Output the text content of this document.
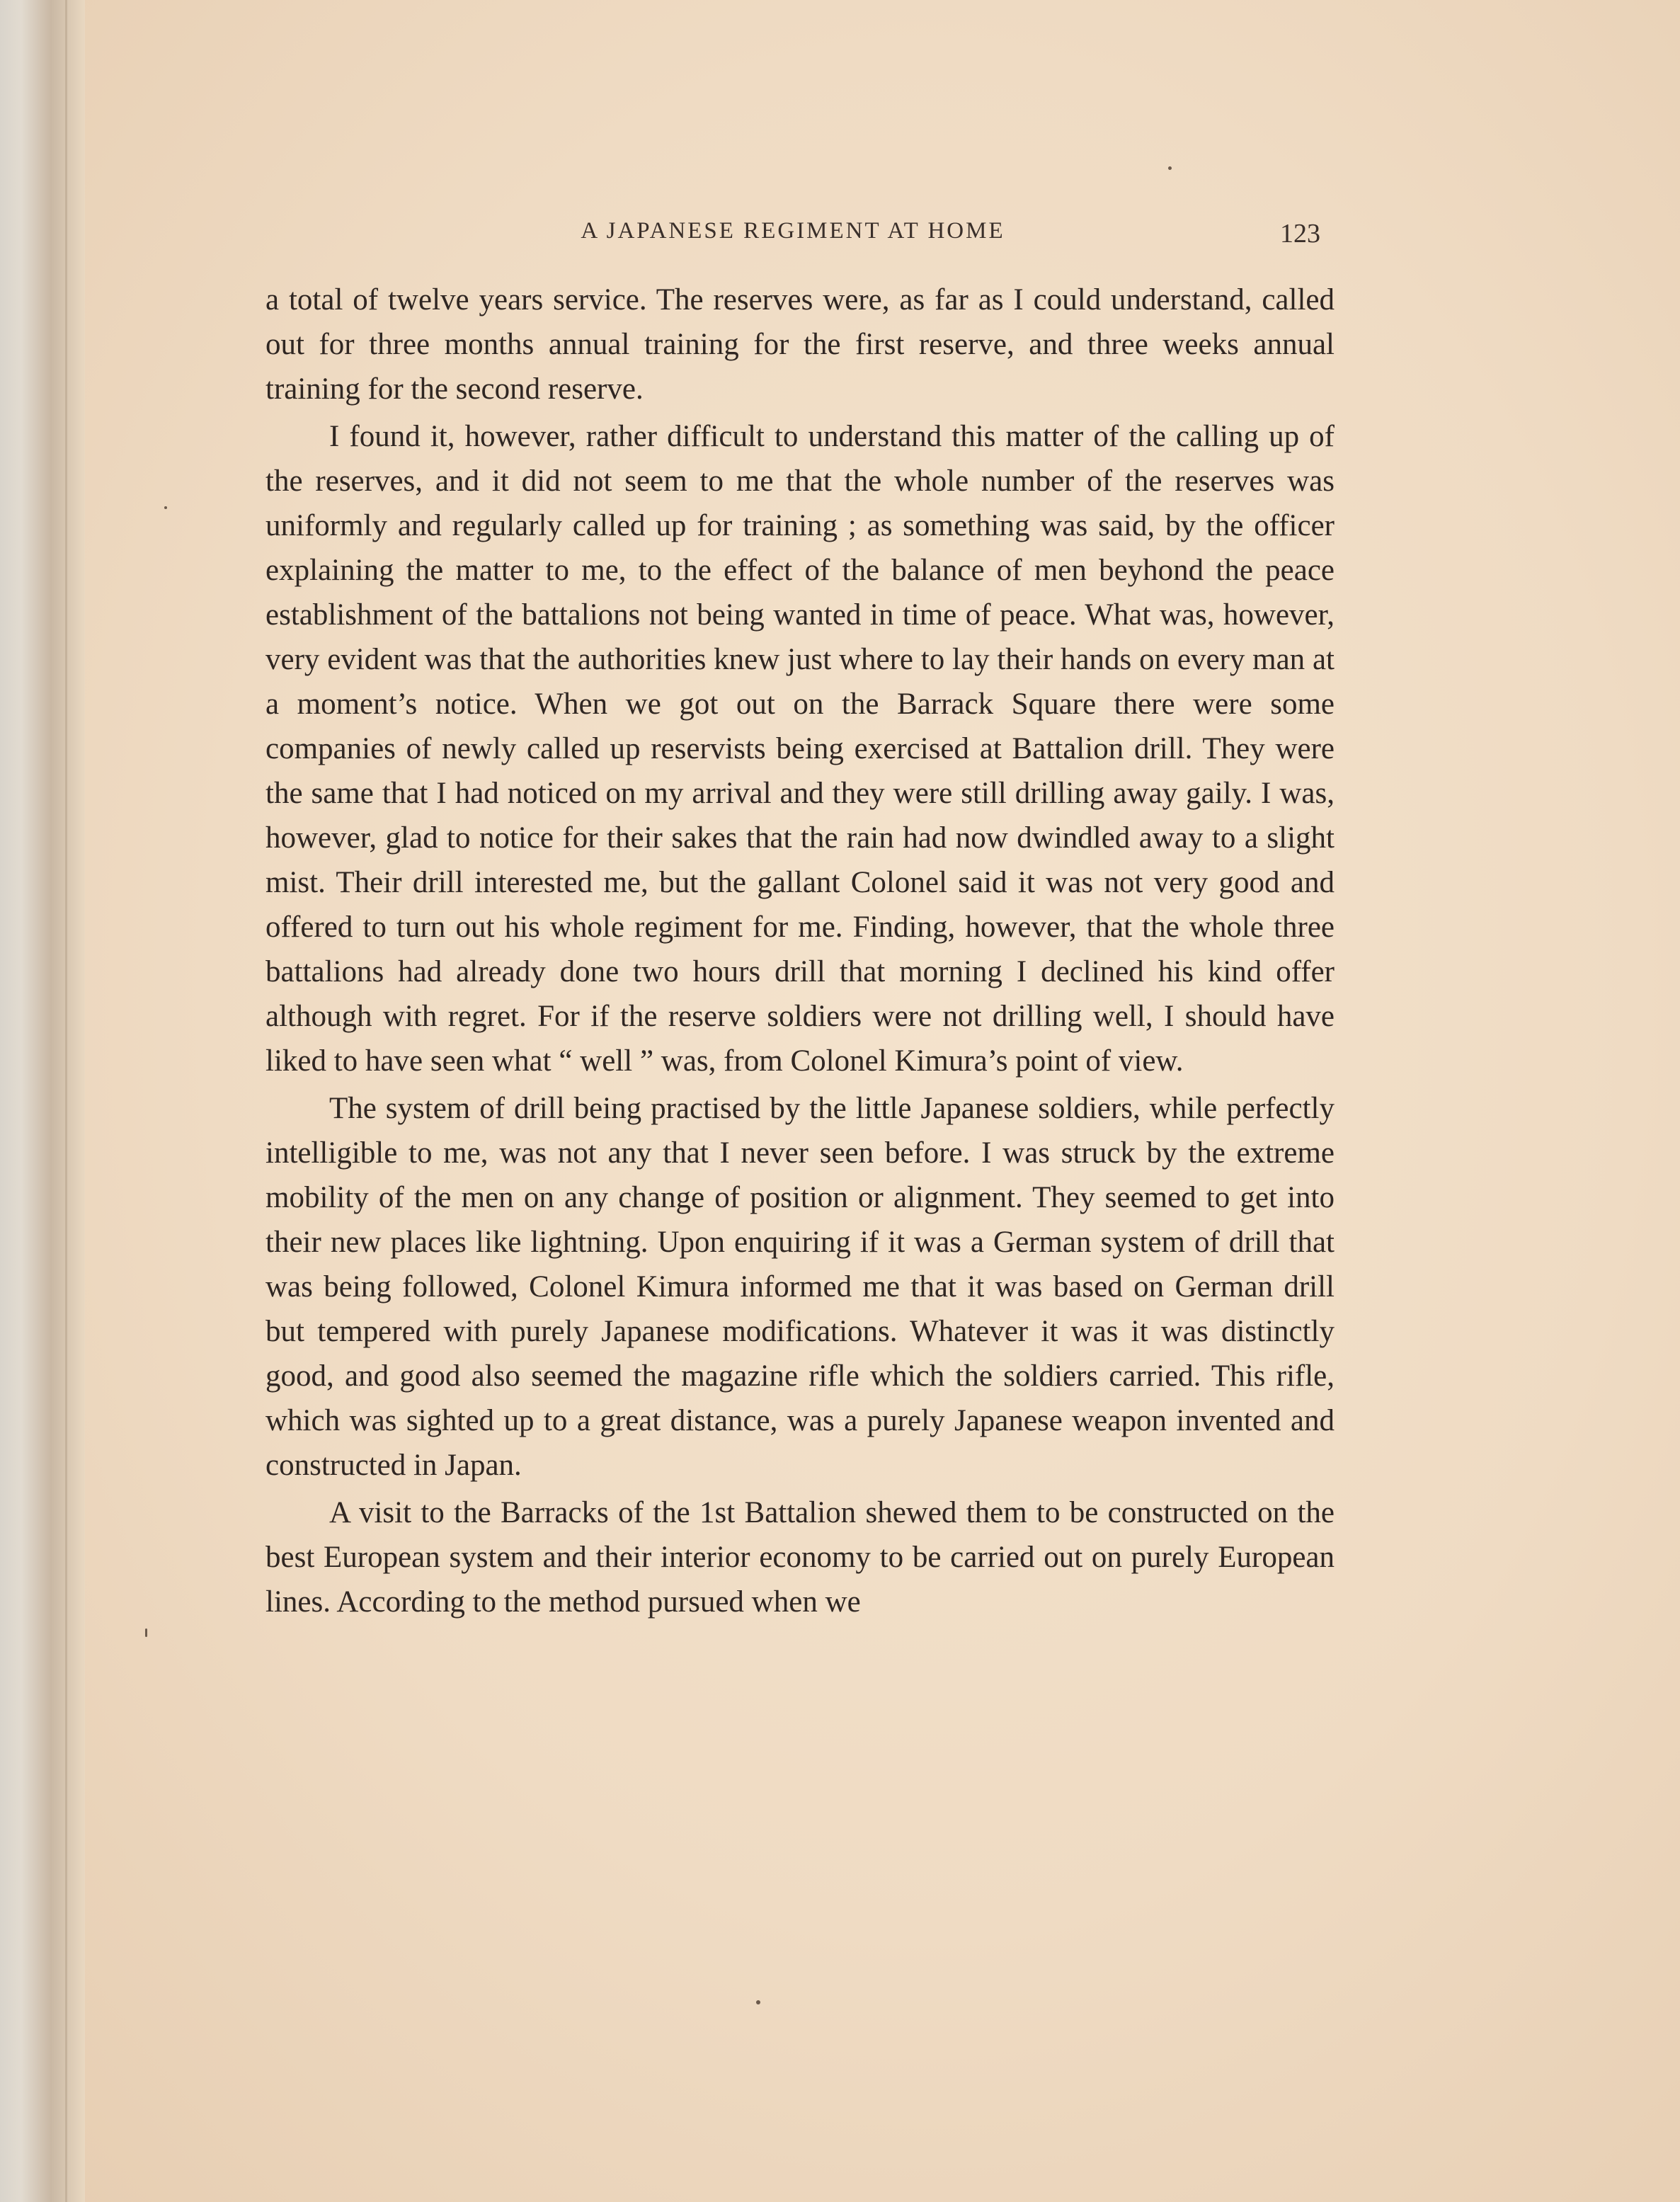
A JAPANESE REGIMENT AT HOME	123

a total of twelve years service. The reserves were, as far as I could understand, called out for three months annual training for the first reserve, and three weeks annual training for the second reserve.

I found it, however, rather difficult to understand this matter of the calling up of the reserves, and it did not seem to me that the whole number of the reserves was uniformly and regularly called up for training ; as something was said, by the officer explaining the matter to me, to the effect of the balance of men beyhond the peace establishment of the battalions not being wanted in time of peace. What was, however, very evident was that the authorities knew just where to lay their hands on every man at a moment’s notice. When we got out on the Barrack Square there were some companies of newly called up reservists being exercised at Battalion drill. They were the same that I had noticed on my arrival and they were still drilling away gaily. I was, however, glad to notice for their sakes that the rain had now dwindled away to a slight mist. Their drill interested me, but the gallant Colonel said it was not very good and offered to turn out his whole regiment for me. Finding, however, that the whole three battalions had already done two hours drill that morning I declined his kind offer although with regret. For if the reserve soldiers were not drilling well, I should have liked to have seen what “ well ” was, from Colonel Kimura’s point of view.

The system of drill being practised by the little Japanese soldiers, while perfectly intelligible to me, was not any that I never seen before. I was struck by the extreme mobility of the men on any change of position or alignment. They seemed to get into their new places like lightning. Upon enquiring if it was a German system of drill that was being followed, Colonel Kimura informed me that it was based on German drill but tempered with purely Japanese modifications. Whatever it was it was distinctly good, and good also seemed the magazine rifle which the soldiers carried. This rifle, which was sighted up to a great distance, was a purely Japanese weapon invented and constructed in Japan.

A visit to the Barracks of the 1st Battalion shewed them to be constructed on the best European system and their interior economy to be carried out on purely European lines. According to the method pursued when we
